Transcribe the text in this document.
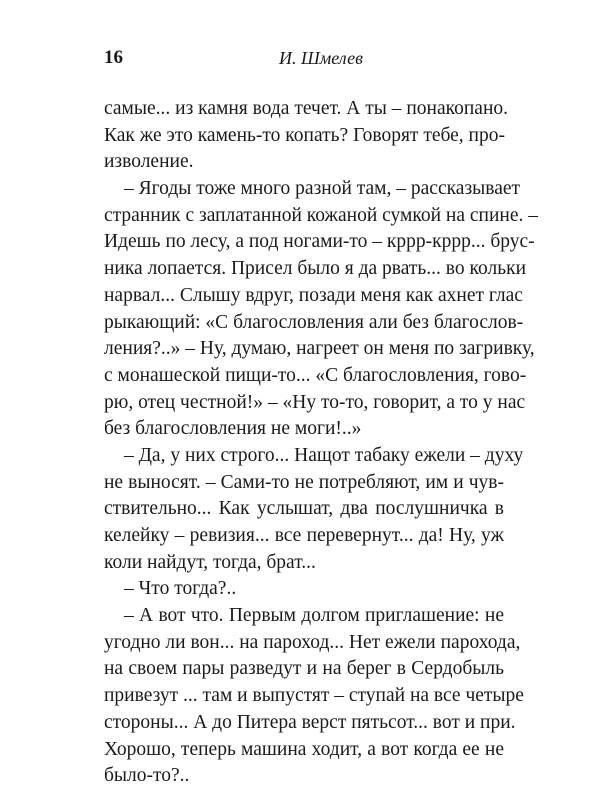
16	И. Шмелев
самые... из камня вода течет. А ты – понакопано.
Как же это камень-то копать? Говорят тебе, про-
изволение.
– Ягоды тоже много разной там, – рассказывает
странник с заплатанной кожаной сумкой на спине. –
Идешь по лесу, а под ногами-то – кррр-кррр... брус-
ника лопается. Присел было я да рвать... во кольки
нарвал... Слышу вдруг, позади меня как ахнет глас
рыкающий: «С благословления али без благослов-
ления?..» – Ну, думаю, нагреет он меня по загривку,
с монашеской пищи-то... «С благословления, гово-
рю, отец честной!» – «Ну то-то, говорит, а то у нас
без благословления не моги!..»
– Да, у них строго... Нащот табаку ежели – духу
не выносят. – Сами-то не потребляют, им и чув-
ствительно... Как услышат, два послушничка в
келейку – ревизия... все перевернут... да! Ну, уж
коли найдут, тогда, брат...
– Что тогда?..
– А вот что. Первым долгом приглашение: не
угодно ли вон... на пароход... Нет ежели парохода,
на своем пары разведут и на берег в Сердобыль
привезут ... там и выпустят – ступай на все четыре
стороны... А до Питера верст пятьсот... вот и при.
Хорошо, теперь машина ходит, а вот когда ее не
было-то?..
